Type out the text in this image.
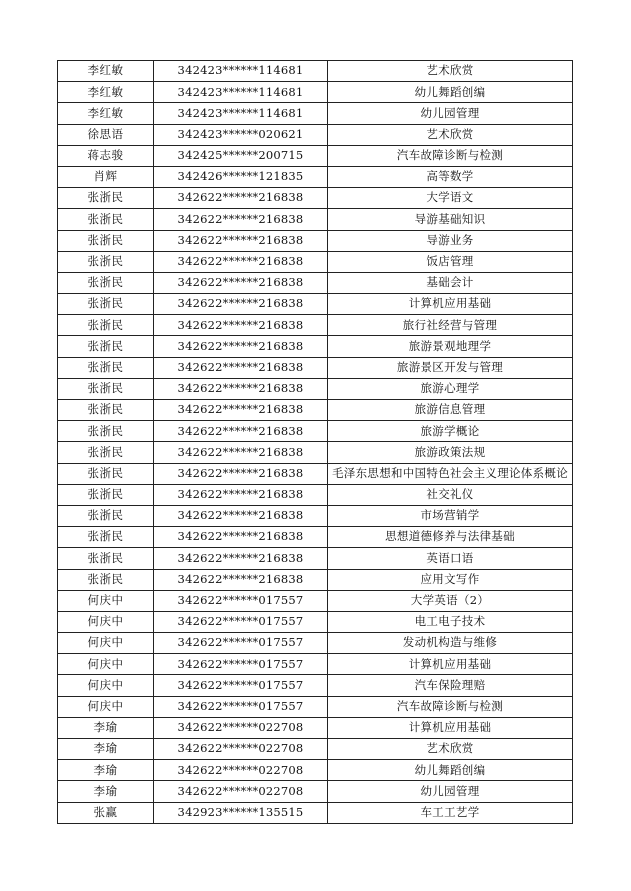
李红敏	342423******114681	艺术欣赏
李红敏	342423******114681	幼儿舞蹈创编
李红敏	342423******114681	幼儿园管理
徐思语	342423******020621	艺术欣赏
蒋志骏	342425******200715	汽车故障诊断与检测
肖辉	342426******121835	高等数学
张浙民	342622******216838	大学语文
张浙民	342622******216838	导游基础知识
张浙民	342622******216838	导游业务
张浙民	342622******216838	饭店管理
张浙民	342622******216838	基础会计
张浙民	342622******216838	计算机应用基础
张浙民	342622******216838	旅行社经营与管理
张浙民	342622******216838	旅游景观地理学
张浙民	342622******216838	旅游景区开发与管理
张浙民	342622******216838	旅游心理学
张浙民	342622******216838	旅游信息管理
张浙民	342622******216838	旅游学概论
张浙民	342622******216838	旅游政策法规
张浙民	342622******216838	毛泽东思想和中国特色社会主义理论体系概论
张浙民	342622******216838	社交礼仪
张浙民	342622******216838	市场营销学
张浙民	342622******216838	思想道德修养与法律基础
张浙民	342622******216838	英语口语
张浙民	342622******216838	应用文写作
何庆中	342622******017557	大学英语（2）
何庆中	342622******017557	电工电子技术
何庆中	342622******017557	发动机构造与维修
何庆中	342622******017557	计算机应用基础
何庆中	342622******017557	汽车保险理赔
何庆中	342622******017557	汽车故障诊断与检测
李瑜	342622******022708	计算机应用基础
李瑜	342622******022708	艺术欣赏
李瑜	342622******022708	幼儿舞蹈创编
李瑜	342622******022708	幼儿园管理
张赢	342923******135515	车工工艺学
